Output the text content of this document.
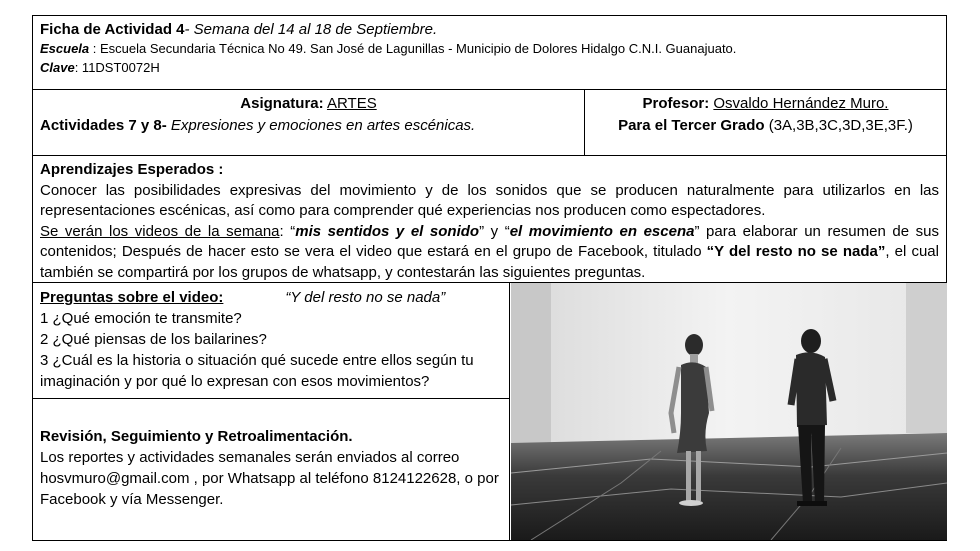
Ficha de Actividad 4- Semana del 14 al 18 de Septiembre.
Escuela : Escuela Secundaria Técnica No 49. San José de Lagunillas - Municipio de Dolores Hidalgo C.N.I. Guanajuato.
Clave: 11DST0072H
Asignatura: ARTES
Actividades 7 y 8- Expresiones y emociones en artes escénicas.
Profesor: Osvaldo Hernández Muro.
Para el Tercer Grado (3A,3B,3C,3D,3E,3F.)
Aprendizajes Esperados :
Conocer las posibilidades expresivas del movimiento y de los sonidos que se producen naturalmente para utilizarlos en las representaciones escénicas, así como para comprender qué experiencias nos producen como espectadores.
Se verán los videos de la semana: “mis sentidos y el sonido” y “el movimiento en escena” para elaborar un resumen de sus contenidos; Después de hacer esto se vera el video que estará en el grupo de Facebook, titulado “Y del resto no se nada”, el cual también se compartirá por los grupos de whatsapp, y contestarán las siguientes preguntas.
Preguntas sobre el video:	“Y del resto no se nada”
1 ¿Qué emoción te transmite?
2 ¿Qué piensas de los bailarines?
3 ¿Cuál es la historia o situación qué sucede entre ellos según tu imaginación y por qué lo expresan con esos movimientos?
Revisión, Seguimiento y Retroalimentación.
Los reportes y actividades semanales serán enviados al correo hosvmuro@gmail.com , por Whatsapp al teléfono 8124122628, o por Facebook y vía Messenger.
